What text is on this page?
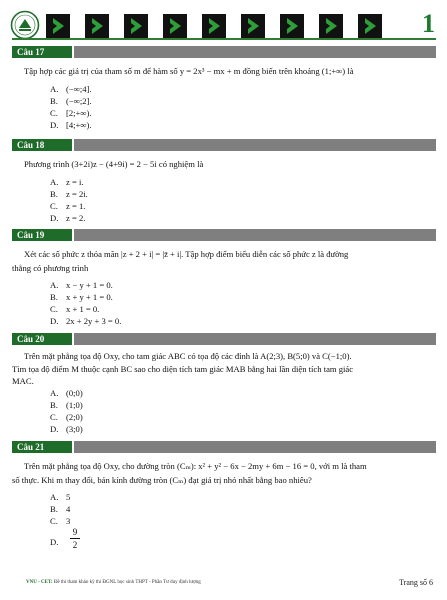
1
Câu 17
Tập hợp các giá trị của tham số m để hàm số y = 2x³ − mx + m đồng biến trên khoảng (1;+∞) là
A. (−∞;4].
B. (−∞;2].
C. [2;+∞).
D. [4;+∞).
Câu 18
Phương trình (3+2i)z − (4+9i) = 2 − 5i có nghiệm là
A. z = i.
B. z = 2i.
C. z = 1.
D. z = 2.
Câu 19
Xét các số phức z thỏa mãn |z + 2 + i| = |z̄ + i|. Tập hợp điểm biểu diễn các số phức z là đường
thẳng có phương trình
A. x − y + 1 = 0.
B. x + y + 1 = 0.
C. x + 1 = 0.
D. 2x + 2y + 3 = 0.
Câu 20
Trên mặt phẳng tọa độ Oxy, cho tam giác ABC có tọa độ các đỉnh là A(2;3), B(5;0) và C(−1;0).
Tìm tọa độ điểm M thuộc cạnh BC sao cho diện tích tam giác MAB bằng hai lần diện tích tam giác
MAC.
A. (0;0)
B. (1;0)
C. (2;0)
D. (3;0)
Câu 21
Trên mặt phẳng tọa độ Oxy, cho đường tròn (Cₘ): x² + y² − 6x − 2my + 6m − 16 = 0, với m là tham
số thực. Khi m thay đổi, bán kính đường tròn (Cₘ) đạt giá trị nhỏ nhất bằng bao nhiêu?
A. 5
B. 4
C. 3
D.
9
2
VNU - CET: Đề thi tham khảo kỳ thi ĐGNL học sinh THPT - Phần Tư duy định lượng	Trang số 6
